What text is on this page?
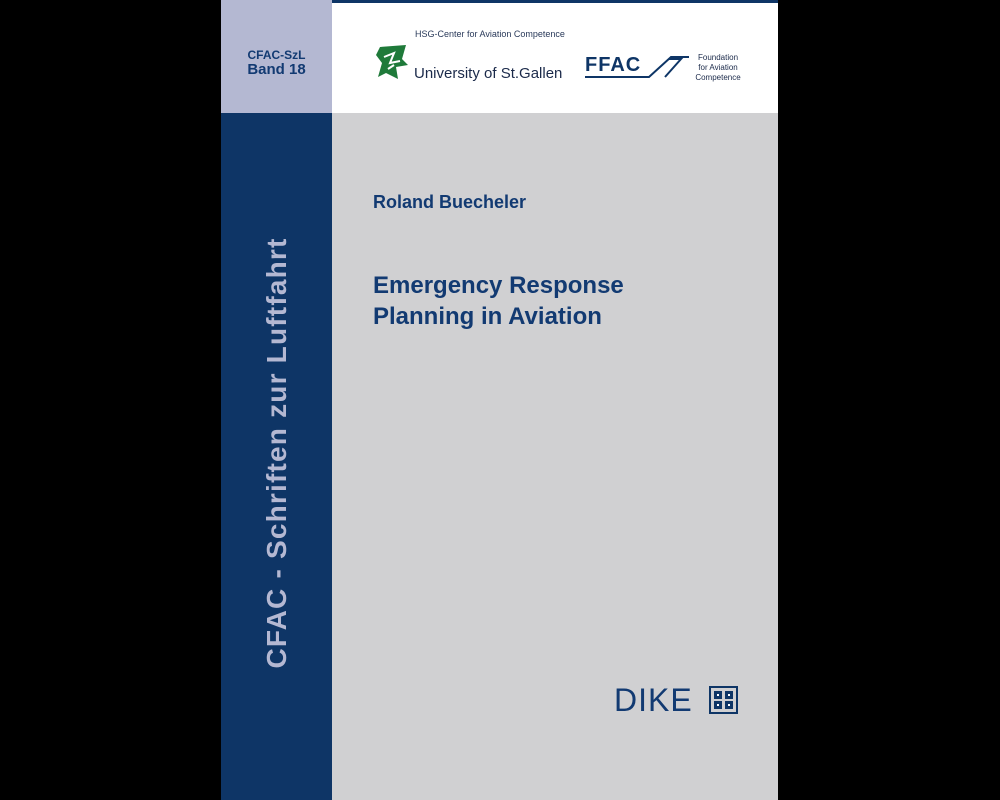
CFAC-SzL
Band 18
CFAC - Schriften zur Luftfahrt
HSG-Center for Aviation Competence
University of St.Gallen FFAC	Foundation
for Aviation
Competence
Roland Buecheler
Emergency Response
Planning in Aviation
DIKE
